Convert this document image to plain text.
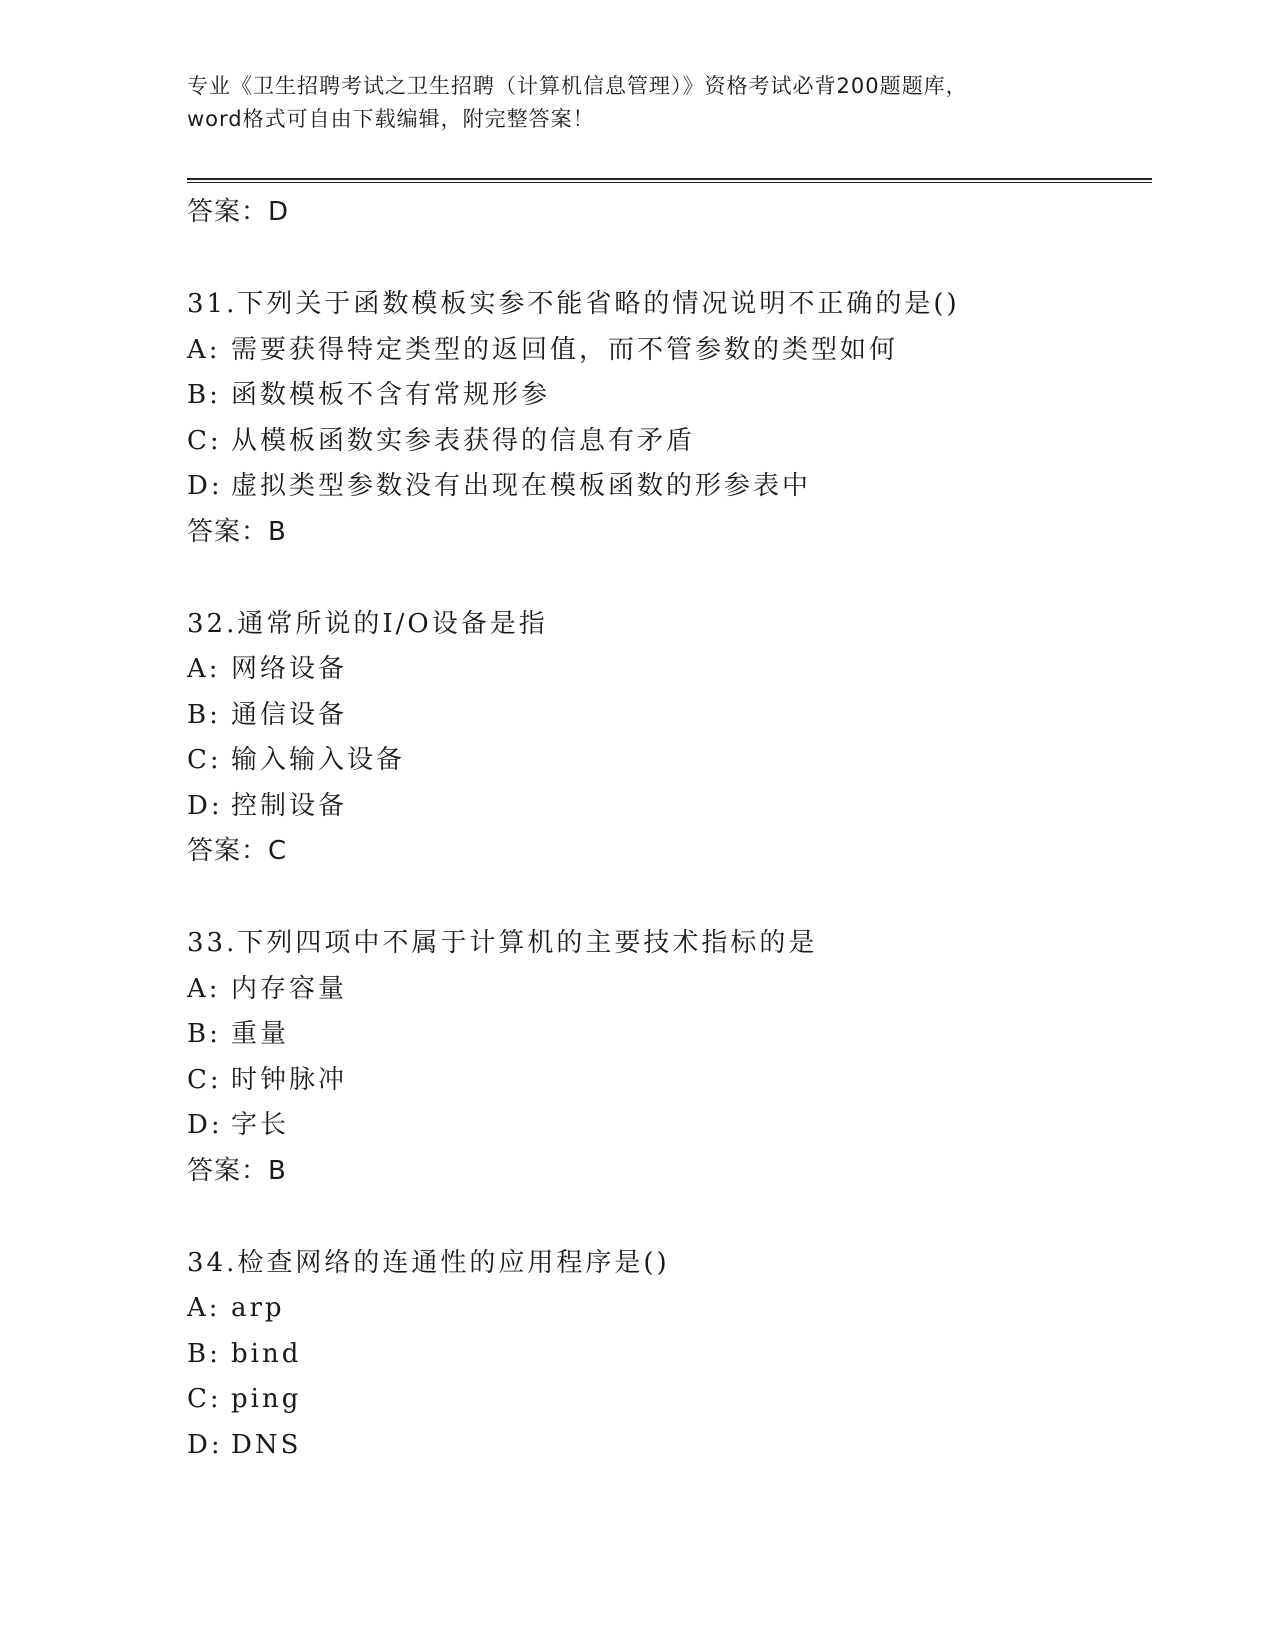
专业《卫生招聘考试之卫生招聘（计算机信息管理）》资格考试必背200题题库，
word格式可自由下载编辑，附完整答案！
答案：D
31.下列关于函数模板实参不能省略的情况说明不正确的是()
A: 需要获得特定类型的返回值，而不管参数的类型如何
B: 函数模板不含有常规形参
C: 从模板函数实参表获得的信息有矛盾
D: 虚拟类型参数没有出现在模板函数的形参表中
答案：B
32.通常所说的I/O设备是指
A: 网络设备
B: 通信设备
C: 输入输入设备
D: 控制设备
答案：C
33.下列四项中不属于计算机的主要技术指标的是
A: 内存容量
B: 重量
C: 时钟脉冲
D: 字长
答案：B
34.检查网络的连通性的应用程序是()
A: arp
B: bind
C: ping
D: DNS
